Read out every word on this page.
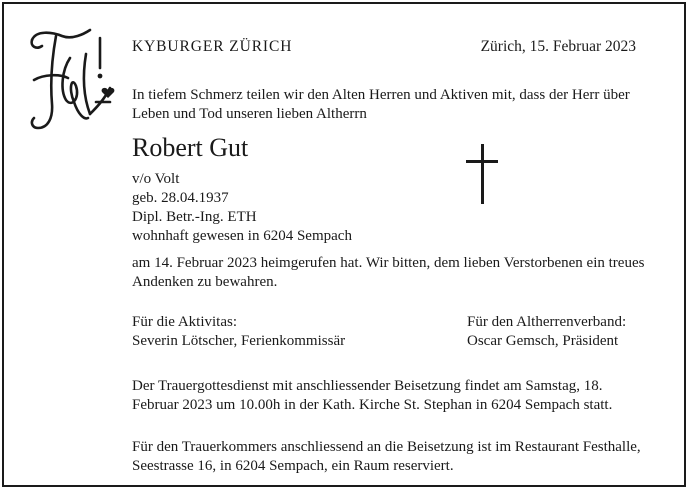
KYBURGER ZÜRICH	Zürich, 15. Februar 2023

In tiefem Schmerz teilen wir den Alten Herren und Aktiven mit, dass der Herr über Leben und Tod unseren lieben Altherrn

Robert Gut
v/o Volt
geb. 28.04.1937
Dipl. Betr.-Ing. ETH
wohnhaft gewesen in 6204 Sempach

am 14. Februar 2023 heimgerufen hat. Wir bitten, dem lieben Verstorbenen ein treues Andenken zu bewahren.

Für die Aktivitas:
Severin Lötscher, Ferienkommissär
Für den Altherrenverband:
Oscar Gemsch, Präsident

Der Trauergottesdienst mit anschliessender Beisetzung findet am Samstag, 18. Februar 2023 um 10.00h in der Kath. Kirche St. Stephan in 6204 Sempach statt.

Für den Trauerkommers anschliessend an die Beisetzung ist im Restaurant Festhalle, Seestrasse 16, in 6204 Sempach, ein Raum reserviert.
